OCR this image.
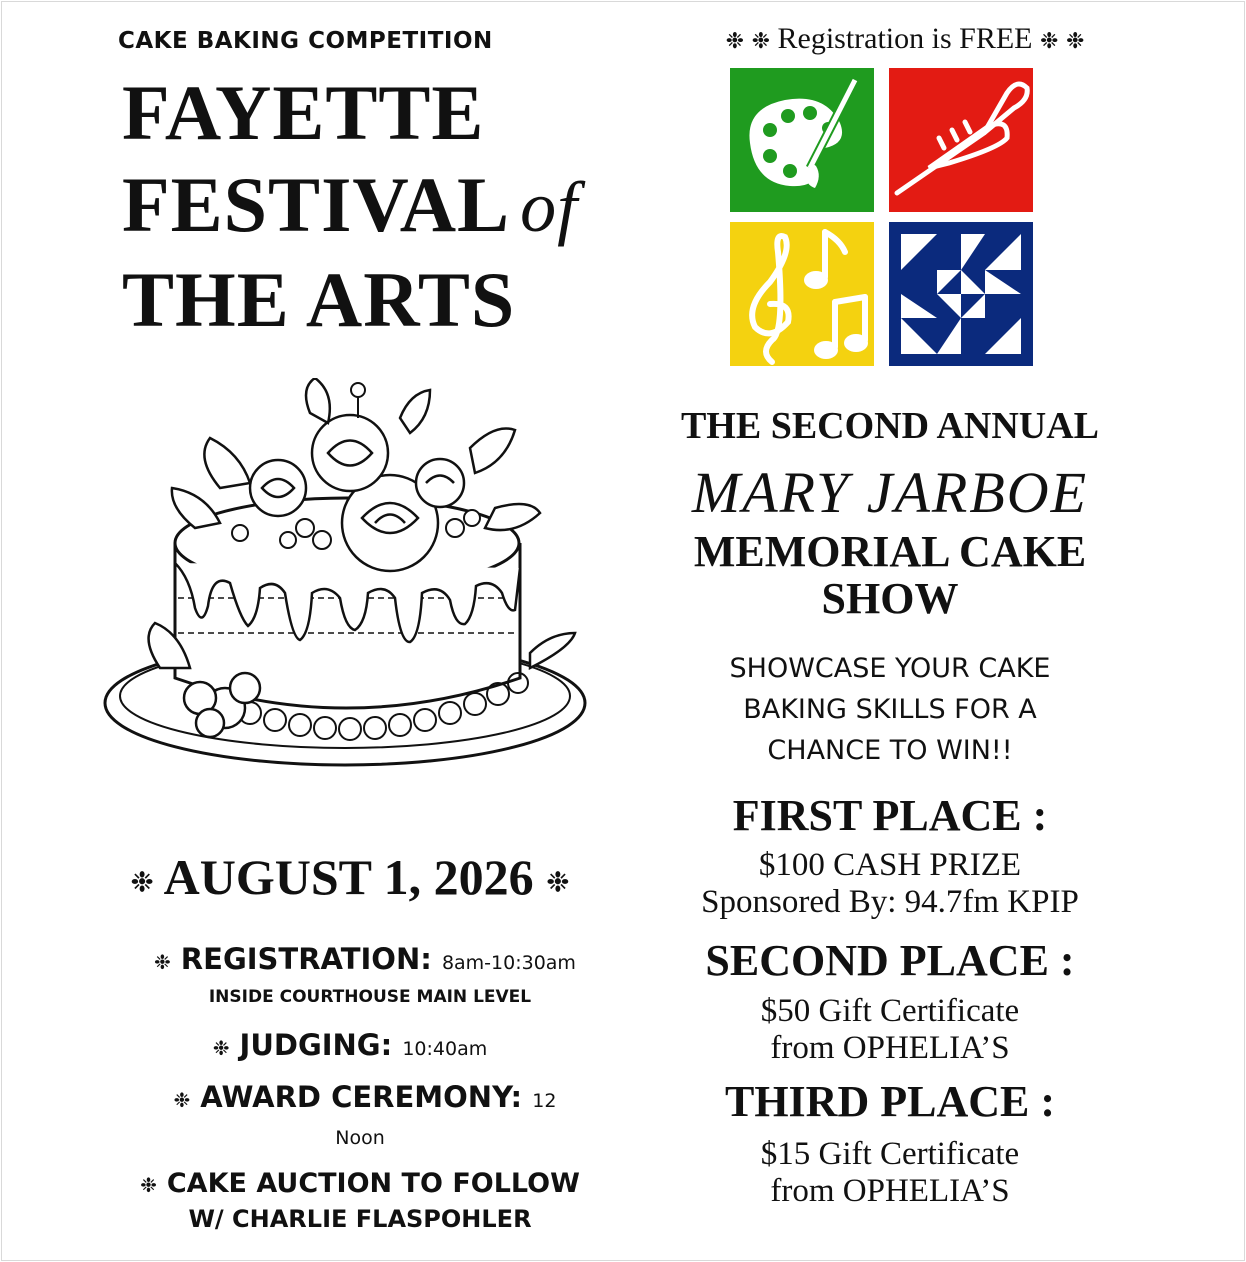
CAKE BAKING COMPETITION
FAYETTE
FESTIVAL of
THE ARTS
❉ AUGUST 1, 2026 ❉
❉ REGISTRATION: 8am-10:30am
INSIDE COURTHOUSE MAIN LEVEL
❉ JUDGING: 10:40am
❉ AWARD CEREMONY: 12
Noon
❉ CAKE AUCTION TO FOLLOW
W/ CHARLIE FLASPOHLER
❉ ❉ Registration is FREE ❉ ❉
THE SECOND ANNUAL
MARY JARBOE
MEMORIAL CAKE
SHOW
SHOWCASE YOUR CAKE
BAKING SKILLS FOR A
CHANCE TO WIN!!
FIRST PLACE :
$100 CASH PRIZE
Sponsored By: 94.7fm KPIP
SECOND PLACE :
$50 Gift Certificate
from OPHELIA’S
THIRD PLACE :
$15 Gift Certificate
from OPHELIA’S
